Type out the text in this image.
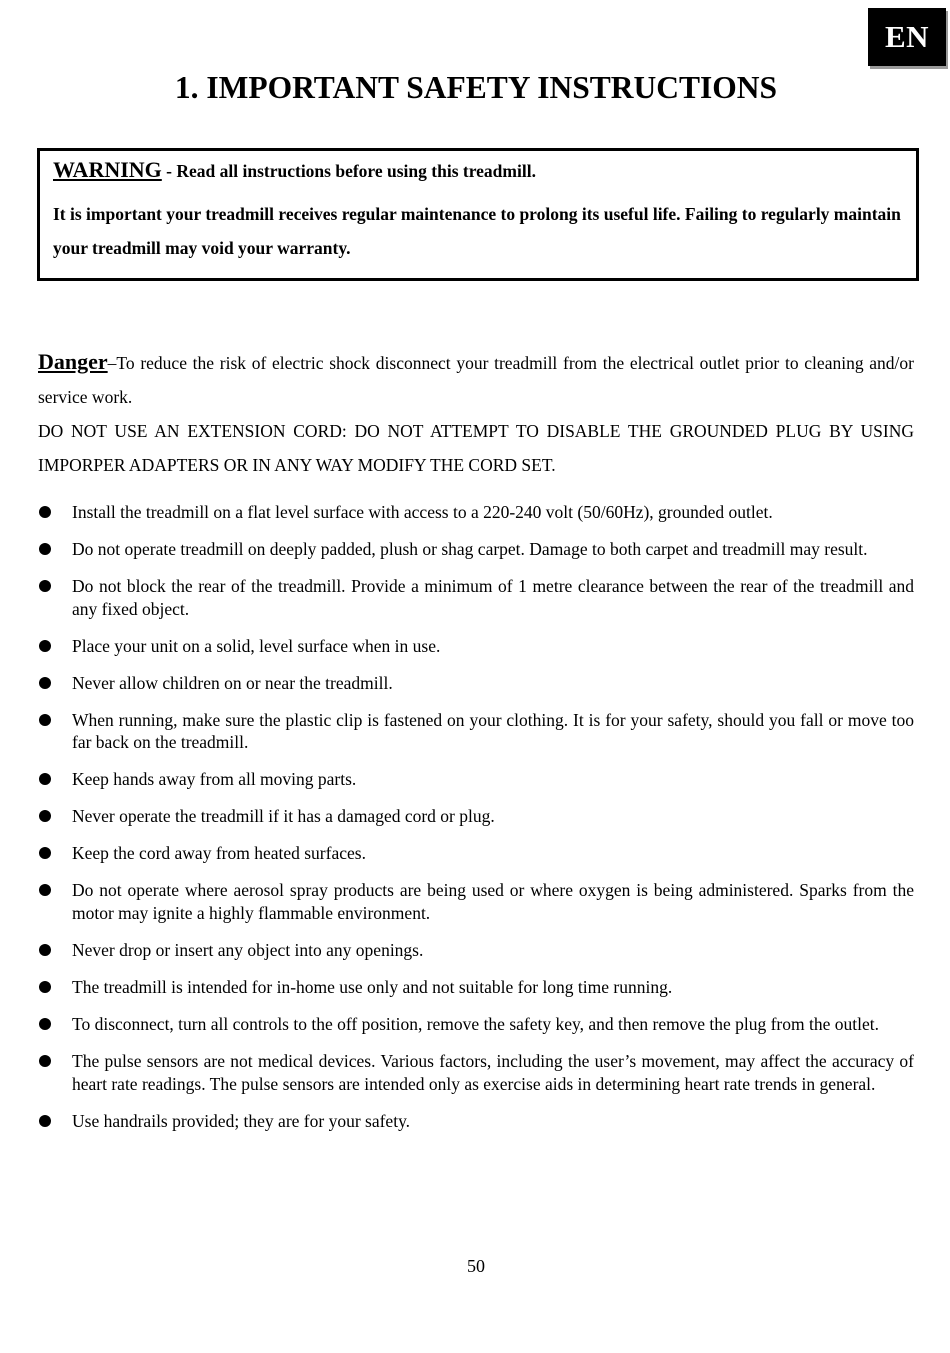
EN
1. IMPORTANT SAFETY INSTRUCTIONS

WARNING - Read all instructions before using this treadmill.

It is important your treadmill receives regular maintenance to prolong its useful life. Failing to regularly maintain your treadmill may void your warranty.

Danger–To reduce the risk of electric shock disconnect your treadmill from the electrical outlet prior to cleaning and/or service work.

DO NOT USE AN EXTENSION CORD: DO NOT ATTEMPT TO DISABLE THE GROUNDED PLUG BY USING IMPORPER ADAPTERS OR IN ANY WAY MODIFY THE CORD SET.

Install the treadmill on a flat level surface with access to a 220-240 volt (50/60Hz), grounded outlet.
Do not operate treadmill on deeply padded, plush or shag carpet. Damage to both carpet and treadmill may result.
Do not block the rear of the treadmill. Provide a minimum of 1 metre clearance between the rear of the treadmill and any fixed object.
Place your unit on a solid, level surface when in use.
Never allow children on or near the treadmill.
When running, make sure the plastic clip is fastened on your clothing. It is for your safety, should you fall or move too far back on the treadmill.
Keep hands away from all moving parts.
Never operate the treadmill if it has a damaged cord or plug.
Keep the cord away from heated surfaces.
Do not operate where aerosol spray products are being used or where oxygen is being administered. Sparks from the motor may ignite a highly flammable environment.
Never drop or insert any object into any openings.
The treadmill is intended for in-home use only and not suitable for long time running.
To disconnect, turn all controls to the off position, remove the safety key, and then remove the plug from the outlet.
The pulse sensors are not medical devices. Various factors, including the user’s movement, may affect the accuracy of heart rate readings. The pulse sensors are intended only as exercise aids in determining heart rate trends in general.
Use handrails provided; they are for your safety.
50
